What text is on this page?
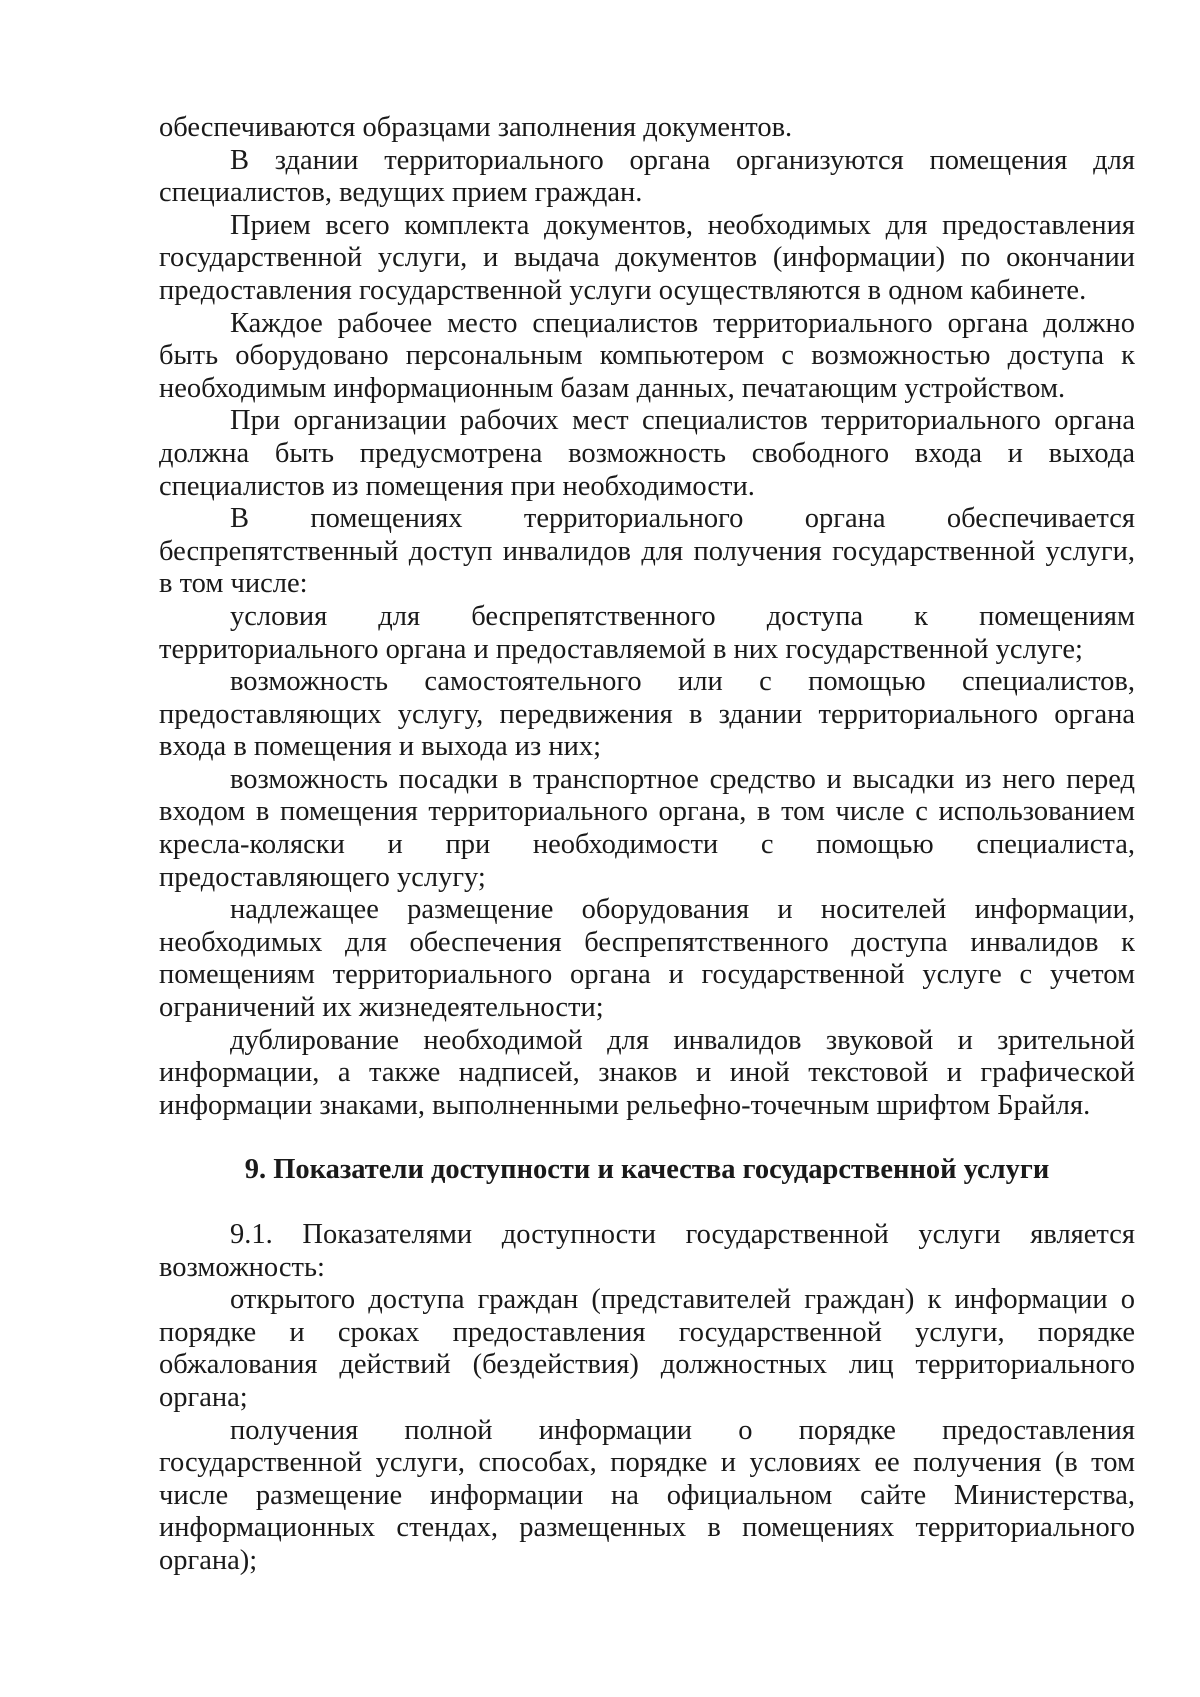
обеспечиваются образцами заполнения документов.

В здании территориального органа организуются помещения для специалистов, ведущих прием граждан.

Прием всего комплекта документов, необходимых для предоставления государственной услуги, и выдача документов (информации) по окончании предоставления государственной услуги осуществляются в одном кабинете.

Каждое рабочее место специалистов территориального органа должно быть оборудовано персональным компьютером с возможностью доступа к необходимым информационным базам данных, печатающим устройством.

При организации рабочих мест специалистов территориального органа должна быть предусмотрена возможность свободного входа и выхода специалистов из помещения при необходимости.

В помещениях территориального органа обеспечивается беспрепятственный доступ инвалидов для получения государственной услуги, в том числе:

условия для беспрепятственного доступа к помещениям территориального органа и предоставляемой в них государственной услуге;

возможность самостоятельного или с помощью специалистов, предоставляющих услугу, передвижения в здании территориального органа входа в помещения и выхода из них;

возможность посадки в транспортное средство и высадки из него перед входом в помещения территориального органа, в том числе с использованием кресла-коляски и при необходимости с помощью специалиста, предоставляющего услугу;

надлежащее размещение оборудования и носителей информации, необходимых для обеспечения беспрепятственного доступа инвалидов к помещениям территориального органа и государственной услуге с учетом ограничений их жизнедеятельности;

дублирование необходимой для инвалидов звуковой и зрительной информации, а также надписей, знаков и иной текстовой и графической информации знаками, выполненными рельефно-точечным шрифтом Брайля.

9. Показатели доступности и качества государственной услуги

9.1. Показателями доступности государственной услуги является возможность:

открытого доступа граждан (представителей граждан) к информации о порядке и сроках предоставления государственной услуги, порядке обжалования действий (бездействия) должностных лиц территориального органа;

получения полной информации о порядке предоставления государственной услуги, способах, порядке и условиях ее получения (в том числе размещение информации на официальном сайте Министерства, информационных стендах, размещенных в помещениях территориального органа);
